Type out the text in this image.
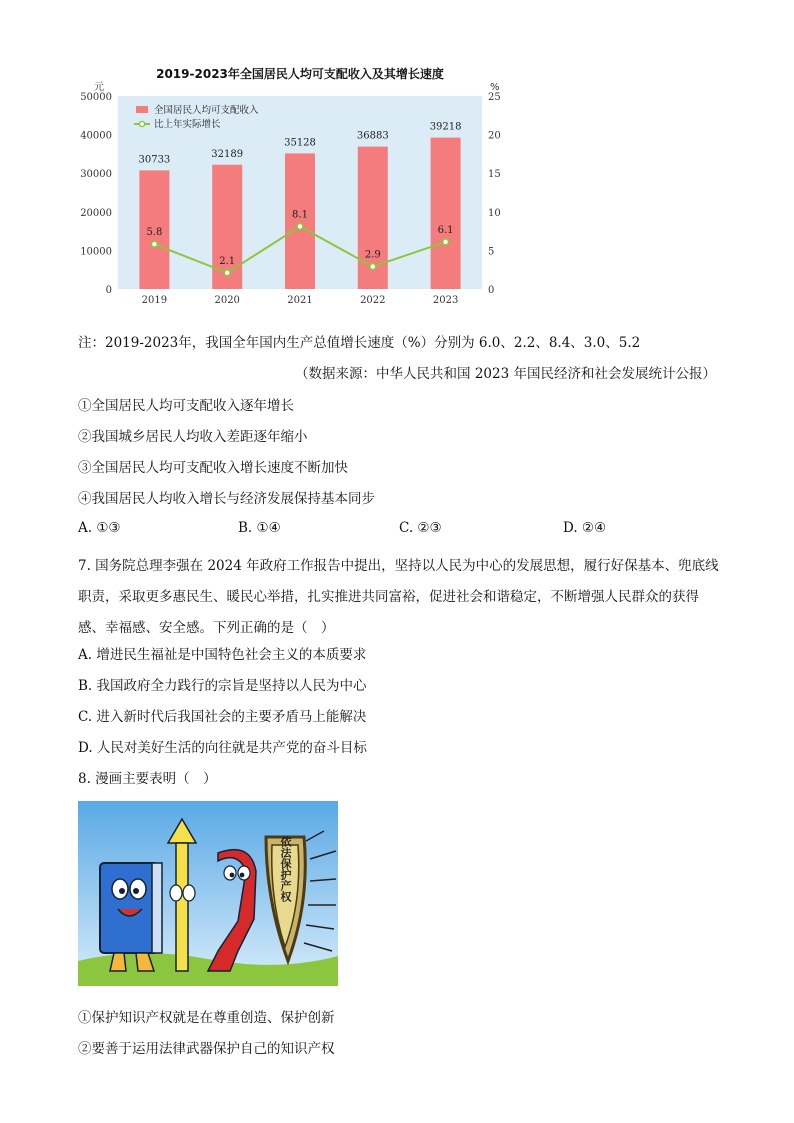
2019-2023年全国居民人均可支配收入及其增长速度
元	%
0
10000
20000
30000
40000
50000
0
5
10
15
20
25
30733
32189
35128
36883
39218
2019	2020	2021	2022	2023
5.8
2.1
8.1
2.9
6.1
全国居民人均可支配收入
比上年实际增长
注：2019-2023年，我国全年国内生产总值增长速度（%）分别为 6.0、2.2、8.4、3.0、5.2
（数据来源：中华人民共和国 2023 年国民经济和社会发展统计公报）
①全国居民人均可支配收入逐年增长
②我国城乡居民人均收入差距逐年缩小
③全国居民人均可支配收入增长速度不断加快
④我国居民人均收入增长与经济发展保持基本同步
A. ①③	B. ①④	C. ②③	D. ②④
7. 国务院总理李强在 2024 年政府工作报告中提出，坚持以人民为中心的发展思想，履行好保基本、兜底线职责，采取更多惠民生、暖民心举措，扎实推进共同富裕，促进社会和谐稳定，不断增强人民群众的获得感、幸福感、安全感。下列正确的是（　）
A. 增进民生福祉是中国特色社会主义的本质要求
B. 我国政府全力践行的宗旨是坚持以人民为中心
C. 进入新时代后我国社会的主要矛盾马上能解决
D. 人民对美好生活的向往就是共产党的奋斗目标
8. 漫画主要表明（　）
依法保护产权
①保护知识产权就是在尊重创造、保护创新
②要善于运用法律武器保护自己的知识产权
